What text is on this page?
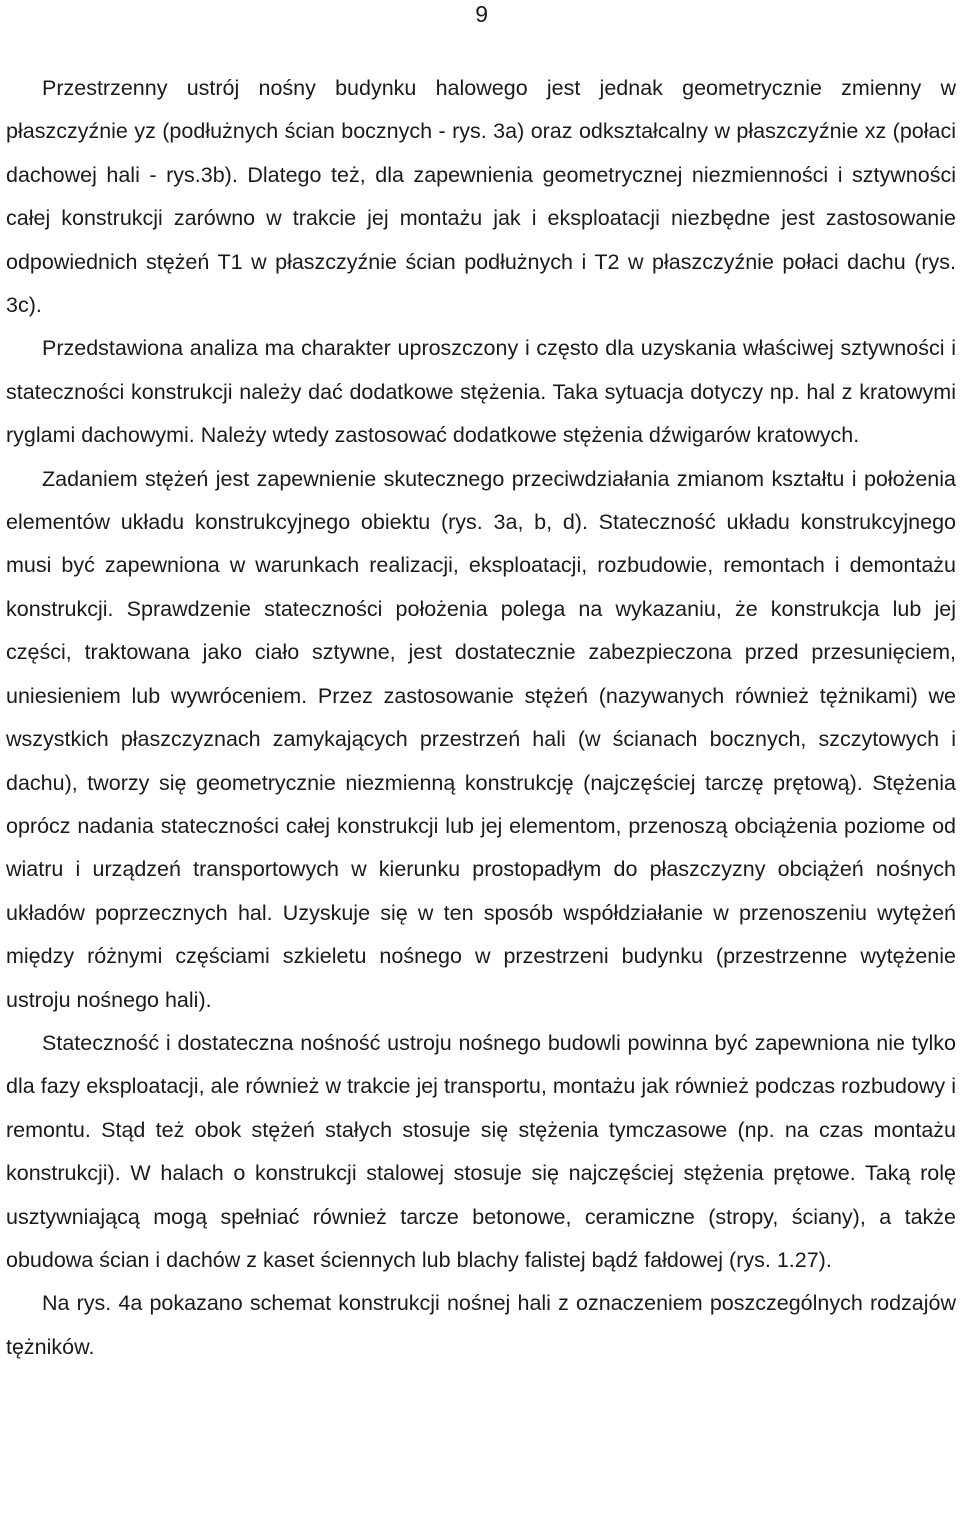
9

Przestrzenny ustrój nośny budynku halowego jest jednak geometrycznie zmienny w płaszczyźnie yz (podłużnych ścian bocznych - rys. 3a) oraz odkształcalny w płaszczyźnie xz (połaci dachowej hali - rys.3b). Dlatego też, dla zapewnienia geometrycznej niezmienności i sztywności całej konstrukcji zarówno w trakcie jej montażu jak i eksploatacji niezbędne jest zastosowanie odpowiednich stężeń T1 w płaszczyźnie ścian podłużnych i T2 w płaszczyźnie połaci dachu (rys. 3c).

Przedstawiona analiza ma charakter uproszczony i często dla uzyskania właściwej sztywności i stateczności konstrukcji należy dać dodatkowe stężenia. Taka sytuacja dotyczy np. hal z kratowymi ryglami dachowymi. Należy wtedy zastosować dodatkowe stężenia dźwigarów kratowych.

Zadaniem stężeń jest zapewnienie skutecznego przeciwdziałania zmianom kształtu i położenia elementów układu konstrukcyjnego obiektu (rys. 3a, b, d). Stateczność układu konstrukcyjnego musi być zapewniona w warunkach realizacji, eksploatacji, rozbudowie, remontach i demontażu konstrukcji. Sprawdzenie stateczności położenia polega na wykazaniu, że konstrukcja lub jej części, traktowana jako ciało sztywne, jest dostatecznie zabezpieczona przed przesunięciem, uniesieniem lub wywróceniem. Przez zastosowanie stężeń (nazywanych również tężnikami) we wszystkich płaszczyznach zamykających przestrzeń hali (w ścianach bocznych, szczytowych i dachu), tworzy się geometrycznie niezmienną konstrukcję (najczęściej tarczę prętową). Stężenia oprócz nadania stateczności całej konstrukcji lub jej elementom, przenoszą obciążenia poziome od wiatru i urządzeń transportowych w kierunku prostopadłym do płaszczyzny obciążeń nośnych układów poprzecznych hal. Uzyskuje się w ten sposób współdziałanie w przenoszeniu wytężeń między różnymi częściami szkieletu nośnego w przestrzeni budynku (przestrzenne wytężenie ustroju nośnego hali).

Stateczność i dostateczna nośność ustroju nośnego budowli powinna być zapewniona nie tylko dla fazy eksploatacji, ale również w trakcie jej transportu, montażu jak również podczas rozbudowy i remontu. Stąd też obok stężeń stałych stosuje się stężenia tymczasowe (np. na czas montażu konstrukcji). W halach o konstrukcji stalowej stosuje się najczęściej stężenia prętowe. Taką rolę usztywniającą mogą spełniać również tarcze betonowe, ceramiczne (stropy, ściany), a także obudowa ścian i dachów z kaset ściennych lub blachy falistej bądź fałdowej (rys. 1.27).

Na rys. 4a pokazano schemat konstrukcji nośnej hali z oznaczeniem poszczególnych rodzajów tężników.
